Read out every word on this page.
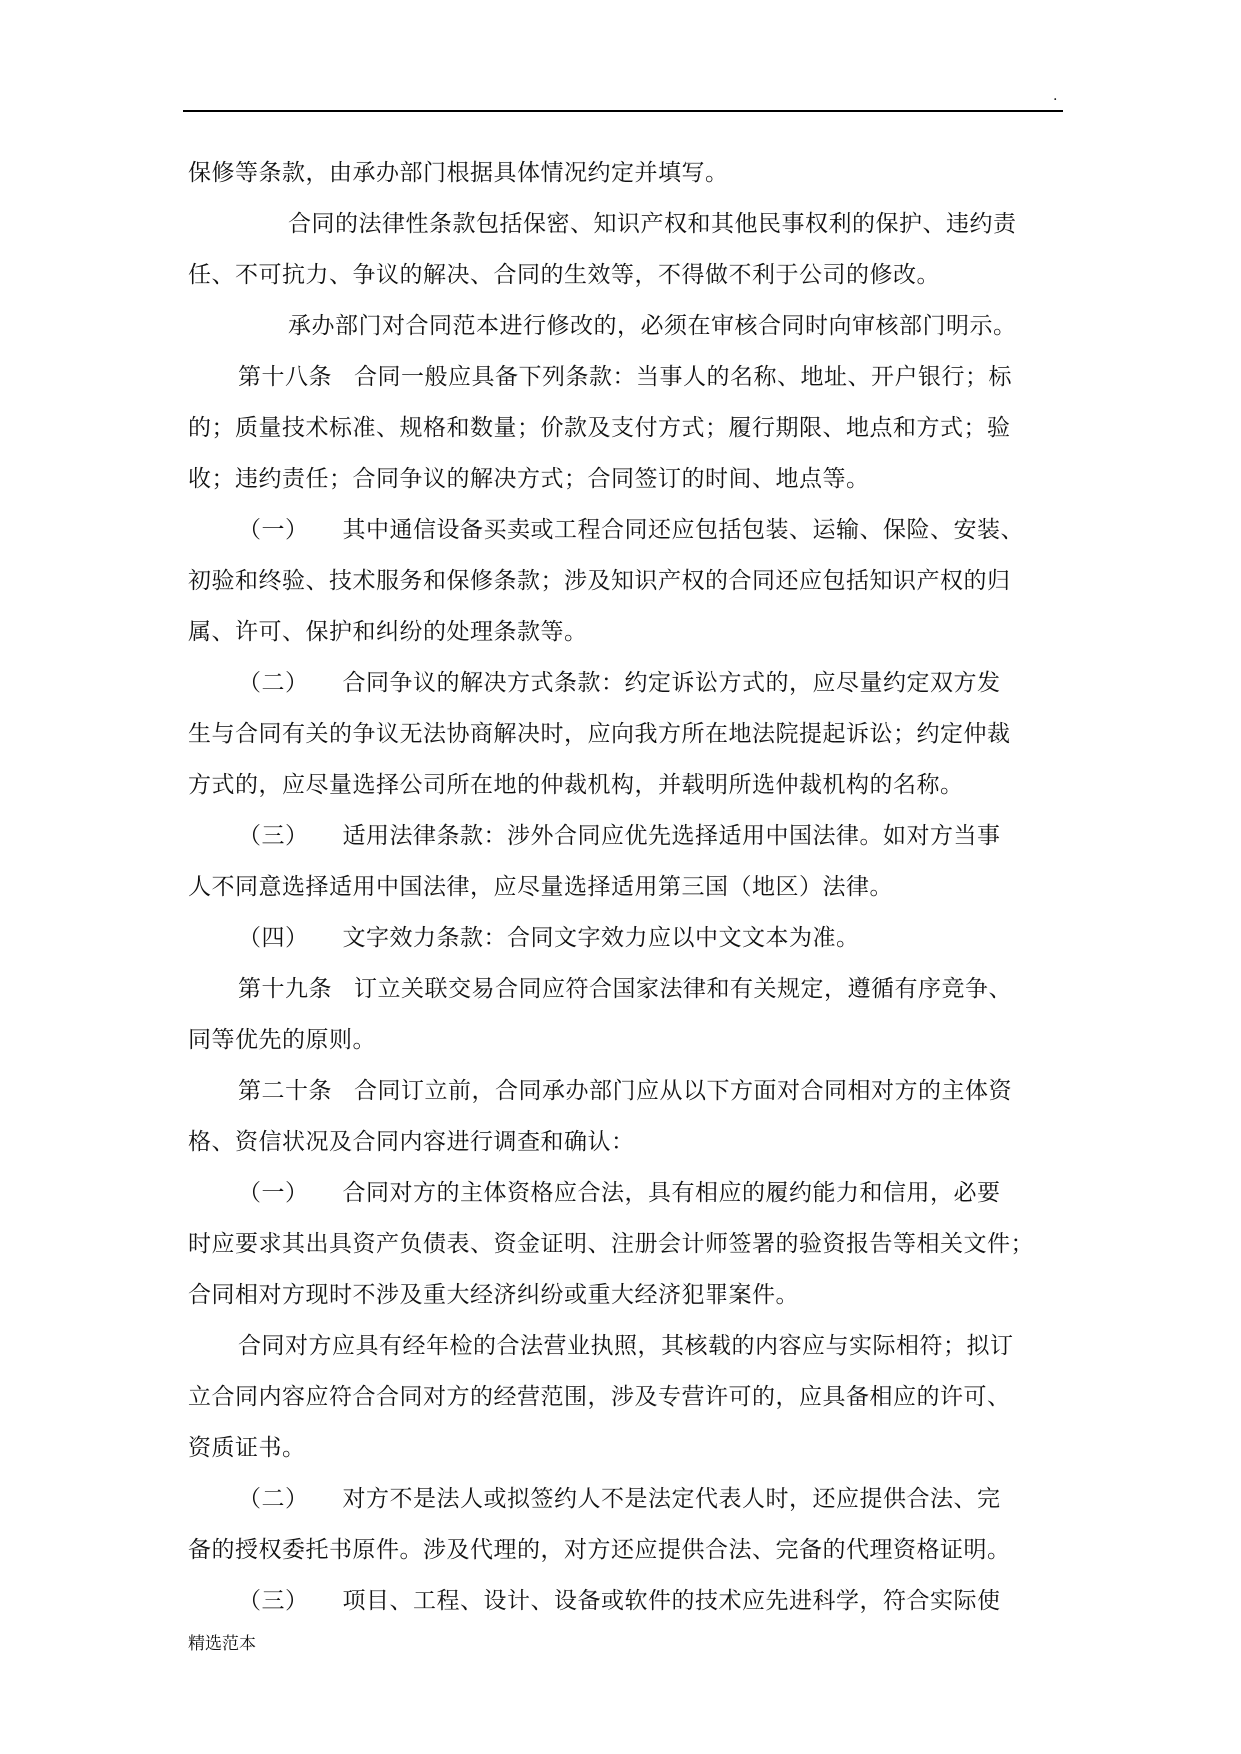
.
保修等条款，由承办部门根据具体情况约定并填写。
合同的法律性条款包括保密、知识产权和其他民事权利的保护、违约责
任、不可抗力、争议的解决、合同的生效等，不得做不利于公司的修改。
承办部门对合同范本进行修改的，必须在审核合同时向审核部门明示。
第十八条 合同一般应具备下列条款：当事人的名称、地址、开户银行；标
的；质量技术标准、规格和数量；价款及支付方式；履行期限、地点和方式；验
收；违约责任；合同争议的解决方式；合同签订的时间、地点等。
（一） 其中通信设备买卖或工程合同还应包括包装、运输、保险、安装、
初验和终验、技术服务和保修条款；涉及知识产权的合同还应包括知识产权的归
属、许可、保护和纠纷的处理条款等。
（二） 合同争议的解决方式条款：约定诉讼方式的，应尽量约定双方发
生与合同有关的争议无法协商解决时，应向我方所在地法院提起诉讼；约定仲裁
方式的，应尽量选择公司所在地的仲裁机构，并载明所选仲裁机构的名称。
（三） 适用法律条款：涉外合同应优先选择适用中国法律。如对方当事
人不同意选择适用中国法律，应尽量选择适用第三国（地区）法律。
（四） 文字效力条款：合同文字效力应以中文文本为准。
第十九条 订立关联交易合同应符合国家法律和有关规定，遵循有序竞争、
同等优先的原则。
第二十条 合同订立前，合同承办部门应从以下方面对合同相对方的主体资
格、资信状况及合同内容进行调查和确认：
（一） 合同对方的主体资格应合法，具有相应的履约能力和信用，必要
时应要求其出具资产负债表、资金证明、注册会计师签署的验资报告等相关文件；
合同相对方现时不涉及重大经济纠纷或重大经济犯罪案件。
合同对方应具有经年检的合法营业执照，其核载的内容应与实际相符；拟订
立合同内容应符合合同对方的经营范围，涉及专营许可的，应具备相应的许可、
资质证书。
（二） 对方不是法人或拟签约人不是法定代表人时，还应提供合法、完
备的授权委托书原件。涉及代理的，对方还应提供合法、完备的代理资格证明。
（三） 项目、工程、设计、设备或软件的技术应先进科学，符合实际使
精选范本
